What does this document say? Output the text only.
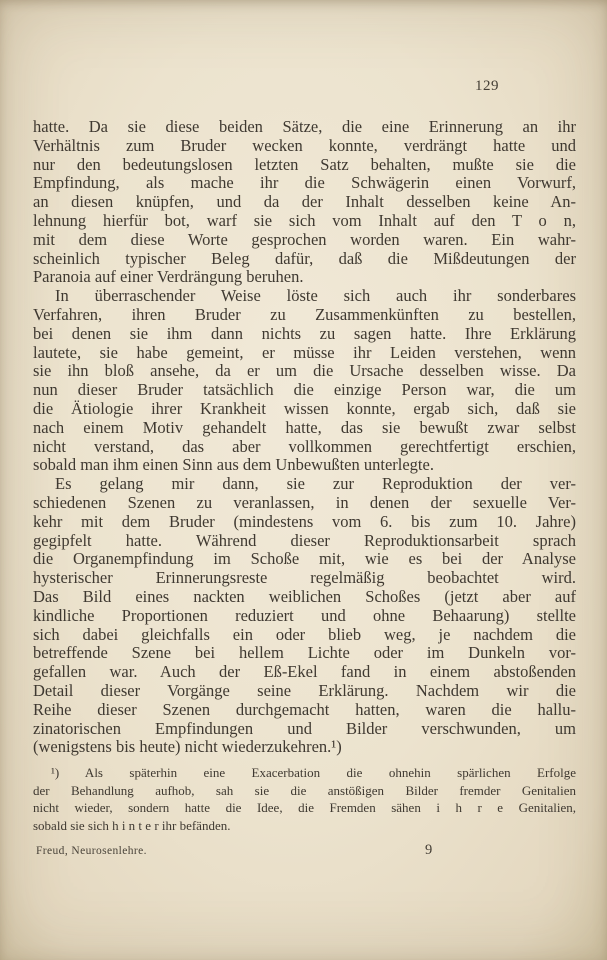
129
hatte. Da sie diese beiden Sätze, die eine Erinnerung an ihr
Verhältnis zum Bruder wecken konnte, verdrängt hatte und
nur den bedeutungslosen letzten Satz behalten, mußte sie die
Empfindung, als mache ihr die Schwägerin einen Vorwurf,
an diesen knüpfen, und da der Inhalt desselben keine An-
lehnung hierfür bot, warf sie sich vom Inhalt auf den T o n,
mit dem diese Worte gesprochen worden waren. Ein wahr-
scheinlich typischer Beleg dafür, daß die Mißdeutungen der
Paranoia auf einer Verdrängung beruhen.
In überraschender Weise löste sich auch ihr sonderbares
Verfahren, ihren Bruder zu Zusammenkünften zu bestellen,
bei denen sie ihm dann nichts zu sagen hatte. Ihre Erklärung
lautete, sie habe gemeint, er müsse ihr Leiden verstehen, wenn
sie ihn bloß ansehe, da er um die Ursache desselben wisse. Da
nun dieser Bruder tatsächlich die einzige Person war, die um
die Ätiologie ihrer Krankheit wissen konnte, ergab sich, daß sie
nach einem Motiv gehandelt hatte, das sie bewußt zwar selbst
nicht verstand, das aber vollkommen gerechtfertigt erschien,
sobald man ihm einen Sinn aus dem Unbewußten unterlegte.
Es gelang mir dann, sie zur Reproduktion der ver-
schiedenen Szenen zu veranlassen, in denen der sexuelle Ver-
kehr mit dem Bruder (mindestens vom 6. bis zum 10. Jahre)
gegipfelt hatte. Während dieser Reproduktionsarbeit sprach
die Organempfindung im Schoße mit, wie es bei der Analyse
hysterischer Erinnerungsreste regelmäßig beobachtet wird.
Das Bild eines nackten weiblichen Schoßes (jetzt aber auf
kindliche Proportionen reduziert und ohne Behaarung) stellte
sich dabei gleichfalls ein oder blieb weg, je nachdem die
betreffende Szene bei hellem Lichte oder im Dunkeln vor-
gefallen war. Auch der Eß-Ekel fand in einem abstoßenden
Detail dieser Vorgänge seine Erklärung. Nachdem wir die
Reihe dieser Szenen durchgemacht hatten, waren die hallu-
zinatorischen Empfindungen und Bilder verschwunden, um
(wenigstens bis heute) nicht wiederzukehren.¹)
¹) Als späterhin eine Exacerbation die ohnehin spärlichen Erfolge
der Behandlung aufhob, sah sie die anstößigen Bilder fremder Genitalien
nicht wieder, sondern hatte die Idee, die Fremden sähen i h r e Genitalien,
sobald sie sich h i n t e r ihr befänden.
Freud, Neurosenlehre.	9
